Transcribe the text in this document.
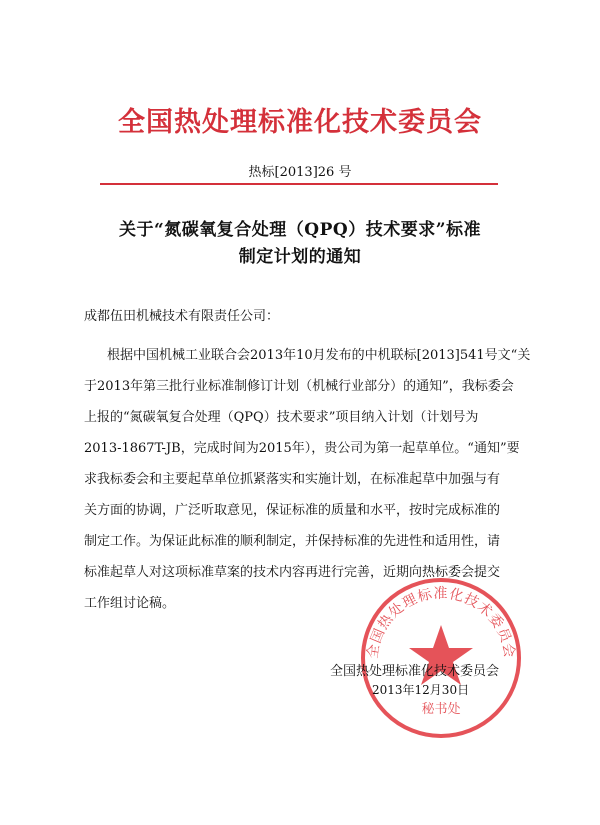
全国热处理标准化技术委员会
热标[2013]26 号
关于“氮碳氧复合处理（QPQ）技术要求”标准
制定计划的通知
成都伍田机械技术有限责任公司：
根据中国机械工业联合会2013年10月发布的中机联标[2013]541号文“关
于2013年第三批行业标准制修订计划（机械行业部分）的通知”，我标委会
上报的“氮碳氧复合处理（QPQ）技术要求”项目纳入计划（计划号为
2013-1867T-JB，完成时间为2015年），贵公司为第一起草单位。“通知”要
求我标委会和主要起草单位抓紧落实和实施计划，在标准起草中加强与有
关方面的协调，广泛听取意见，保证标准的质量和水平，按时完成标准的
制定工作。为保证此标准的顺利制定，并保持标准的先进性和适用性，请
标准起草人对这项标准草案的技术内容再进行完善，近期向热标委会提交
工作组讨论稿。
全国热处理标准化技术委员会
秘书处
全国热处理标准化技术委员会
2013年12月30日
